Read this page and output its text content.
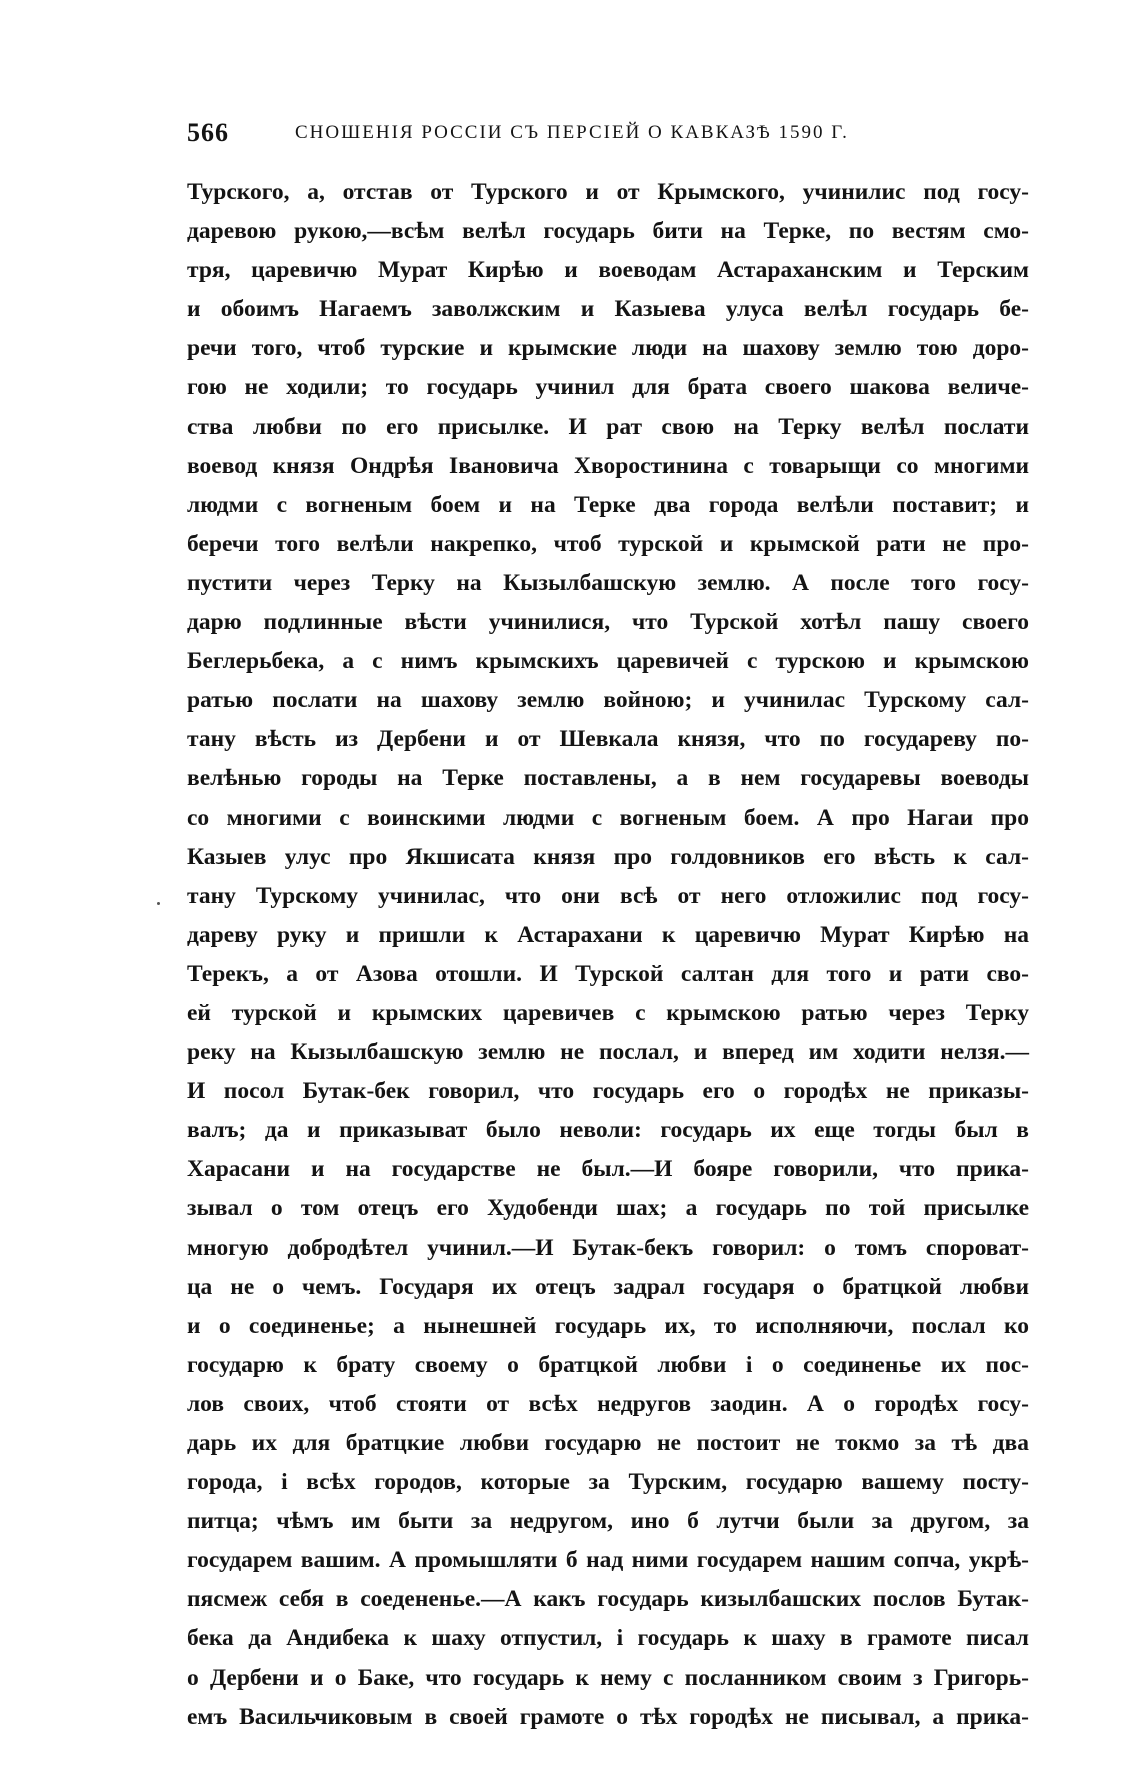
566	СНОШЕНІЯ РОССІИ СЪ ПЕРСІЕЙ О КАВКАЗѢ 1590 Г.
Турского, а, отстав от Турского и от Крымского, учинилис под госу-
даревою рукою,—всѣм велѣл государь бити на Терке, по вестям смо-
тря, царевичю Мурат Кирѣю и воеводам Астараханским и Терским
и обоимъ Нагаемъ заволжским и Казыева улуса велѣл государь бе-
речи того, чтоб турские и крымские люди на шахову землю тою доро-
гою не ходили; то государь учинил для брата своего шакова величе-
ства любви по его присылке. И рат свою на Терку велѣл послати
воевод князя Ондрѣя Івановича Хворостинина с товарыщи со многими
людми с вогненым боем и на Терке два города велѣли поставит; и
беречи того велѣли накрепко, чтоб турской и крымской рати не про-
пустити через Терку на Кызылбашскую землю. А после того госу-
дарю подлинные вѣсти учинилися, что Турской хотѣл пашу своего
Беглерьбека, а с нимъ крымскихъ царевичей с турскою и крымскою
ратью послати на шахову землю войною; и учинилас Турскому сал-
тану вѣсть из Дербени и от Шевкала князя, что по государеву по-
велѣнью городы на Терке поставлены, а в нем государевы воеводы
со многими с воинскими людми с вогненым боем. А про Нагаи про
Казыев улус про Якшисата князя про голдовников его вѣсть к сал-
тану Турскому учинилас, что они всѣ от него отложилис под госу-
дареву руку и пришли к Астарахани к царевичю Мурат Кирѣю на
Терекъ, а от Азова отошли. И Турской салтан для того и рати сво-
ей турской и крымских царевичев с крымскою ратью через Терку
реку на Кызылбашскую землю не послал, и вперед им ходити нелзя.—
И посол Бутак-бек говорил, что государь его о городѣх не приказы-
валъ; да и приказыват было неволи: государь их еще тогды был в
Харасани и на государстве не был.—И бояре говорили, что прика-
зывал о том отецъ его Худобенди шах; а государь по той присылке
многую добродѣтел учинил.—И Бутак-бекъ говорил: о томъ спороват-
ца не о чемъ. Государя их отецъ задрал государя о братцкой любви
и о соединенье; а нынешней государь их, то исполняючи, послал ко
государю к брату своему о братцкой любви і о соединенье их пос-
лов своих, чтоб стояти от всѣх недругов заодин. А о городѣх госу-
дарь их для братцкие любви государю не постоит не токмо за тѣ два
города, і всѣх городов, которые за Турским, государю вашему посту-
питца; чѣмъ им быти за недругом, ино б лутчи были за другом, за
государем вашим. А промышляти б над ними государем нашим сопча, укрѣ-
пясмеж себя в соедененье.—А какъ государь кизылбашских послов Бутак-
бека да Андибека к шаху отпустил, і государь к шаху в грамоте писал
о Дербени и о Баке, что государь к нему с посланником своим з Григорь-
емъ Васильчиковым в своей грамоте о тѣх городѣх не писывал, а прика-
